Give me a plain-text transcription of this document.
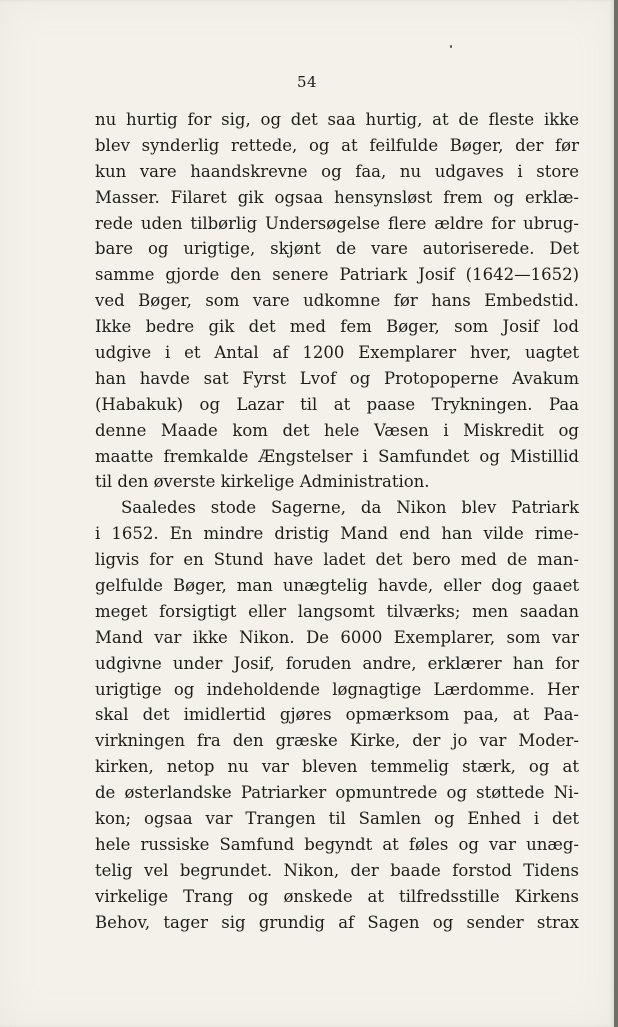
54
nu hurtig for sig, og det saa hurtig, at de fleste ikke
blev synderlig rettede, og at feilfulde Bøger, der før
kun vare haandskrevne og faa, nu udgaves i store
Masser. Filaret gik ogsaa hensynsløst frem og erklæ-
rede uden tilbørlig Undersøgelse flere ældre for ubrug-
bare og urigtige, skjønt de vare autoriserede. Det
samme gjorde den senere Patriark Josif (1642—1652)
ved Bøger, som vare udkomne før hans Embedstid.
Ikke bedre gik det med fem Bøger, som Josif lod
udgive i et Antal af 1200 Exemplarer hver, uagtet
han havde sat Fyrst Lvof og Protopoperne Avakum
(Habakuk) og Lazar til at paase Trykningen. Paa
denne Maade kom det hele Væsen i Miskredit og
maatte fremkalde Ængstelser i Samfundet og Mistillid
til den øverste kirkelige Administration.
Saaledes stode Sagerne, da Nikon blev Patriark
i 1652. En mindre dristig Mand end han vilde rime-
ligvis for en Stund have ladet det bero med de man-
gelfulde Bøger, man unægtelig havde, eller dog gaaet
meget forsigtigt eller langsomt tilværks; men saadan
Mand var ikke Nikon. De 6000 Exemplarer, som var
udgivne under Josif, foruden andre, erklærer han for
urigtige og indeholdende løgnagtige Lærdomme. Her
skal det imidlertid gjøres opmærksom paa, at Paa-
virkningen fra den græske Kirke, der jo var Moder-
kirken, netop nu var bleven temmelig stærk, og at
de østerlandske Patriarker opmuntrede og støttede Ni-
kon; ogsaa var Trangen til Samlen og Enhed i det
hele russiske Samfund begyndt at føles og var unæg-
telig vel begrundet. Nikon, der baade forstod Tidens
virkelige Trang og ønskede at tilfredsstille Kirkens
Behov, tager sig grundig af Sagen og sender strax
